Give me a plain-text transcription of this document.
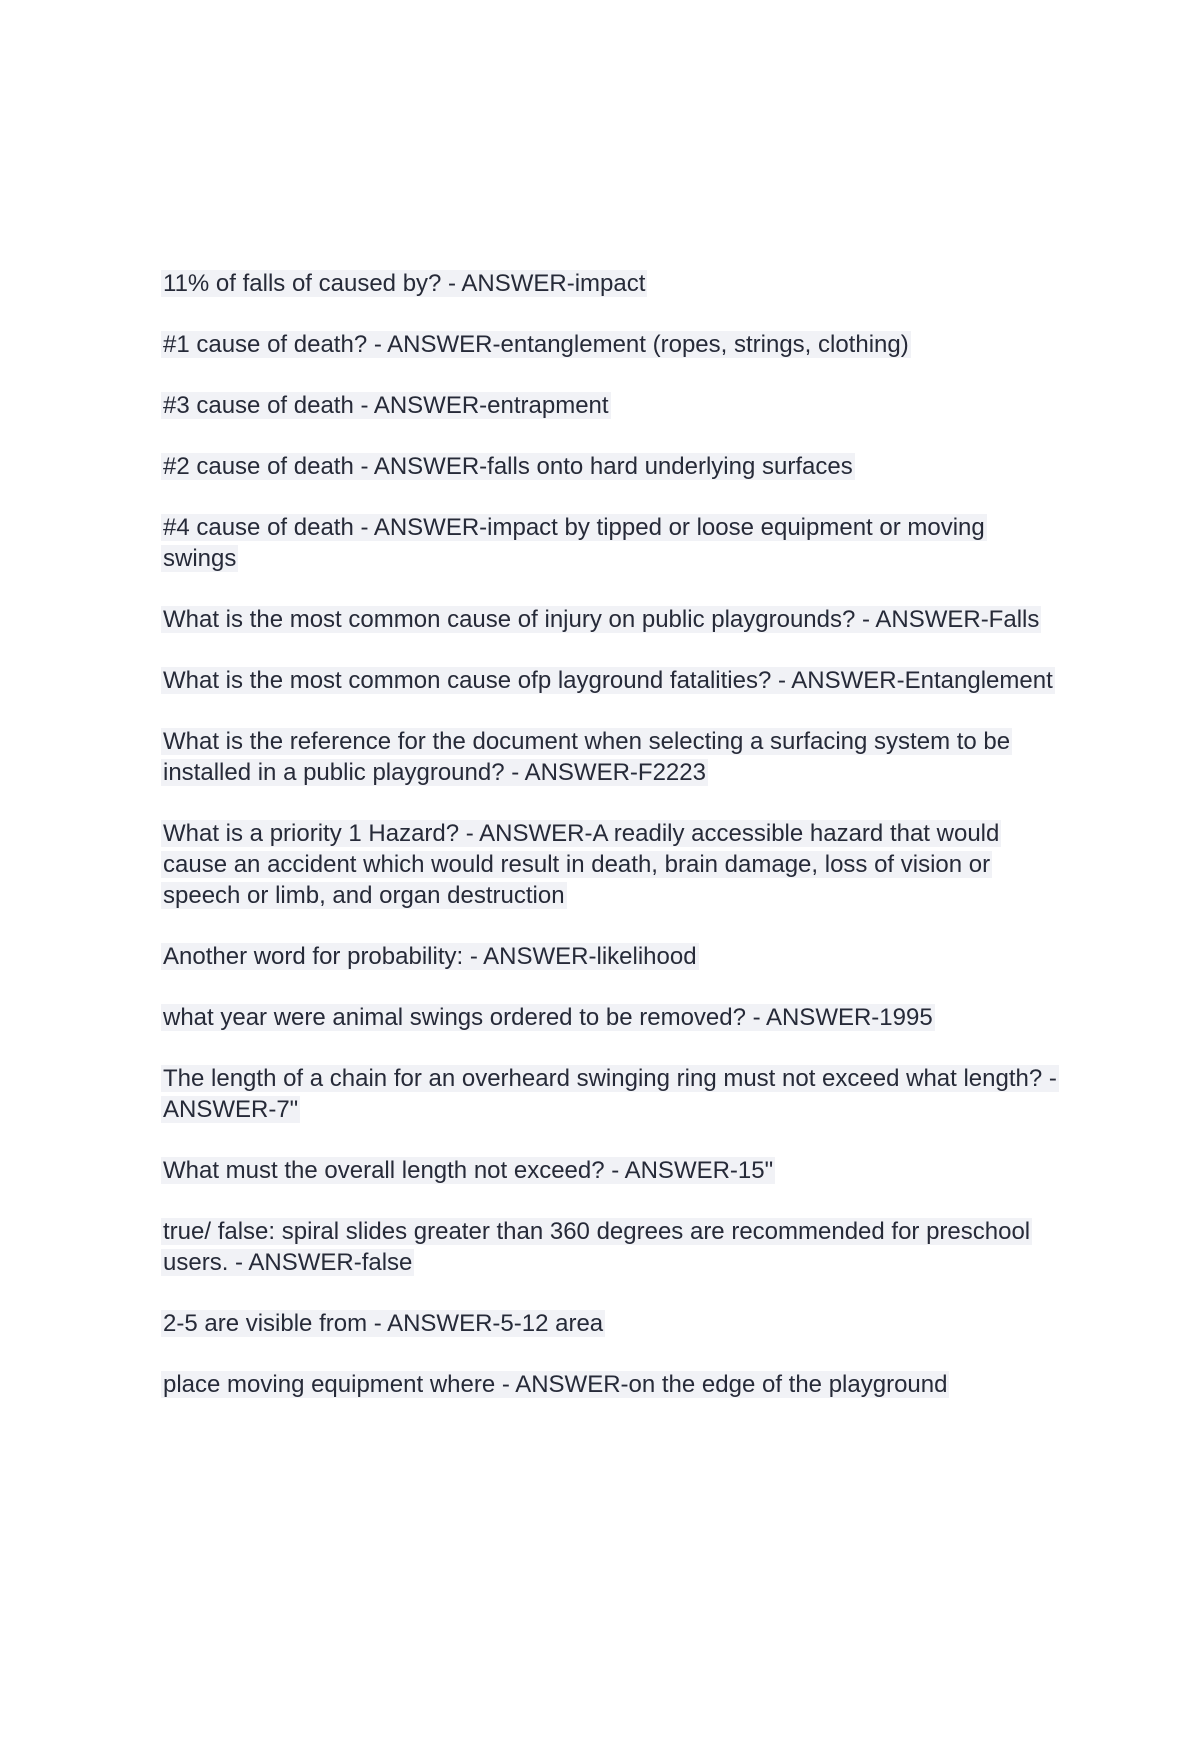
11% of falls of caused by? - ANSWER-impact

#1 cause of death? - ANSWER-entanglement (ropes, strings, clothing)

#3 cause of death - ANSWER-entrapment

#2 cause of death - ANSWER-falls onto hard underlying surfaces

#4 cause of death - ANSWER-impact by tipped or loose equipment or moving swings

What is the most common cause of injury on public playgrounds? - ANSWER-Falls

What is the most common cause ofp layground fatalities? - ANSWER-Entanglement

What is the reference for the document when selecting a surfacing system to be installed in a public playground? - ANSWER-F2223

What is a priority 1 Hazard? - ANSWER-A readily accessible hazard that would cause an accident which would result in death, brain damage, loss of vision or speech or limb, and organ destruction

Another word for probability: - ANSWER-likelihood

what year were animal swings ordered to be removed? - ANSWER-1995

The length of a chain for an overheard swinging ring must not exceed what length? - ANSWER-7"

What must the overall length not exceed? - ANSWER-15"

true/ false: spiral slides greater than 360 degrees are recommended for preschool users. - ANSWER-false

2-5 are visible from - ANSWER-5-12 area

place moving equipment where - ANSWER-on the edge of the playground
